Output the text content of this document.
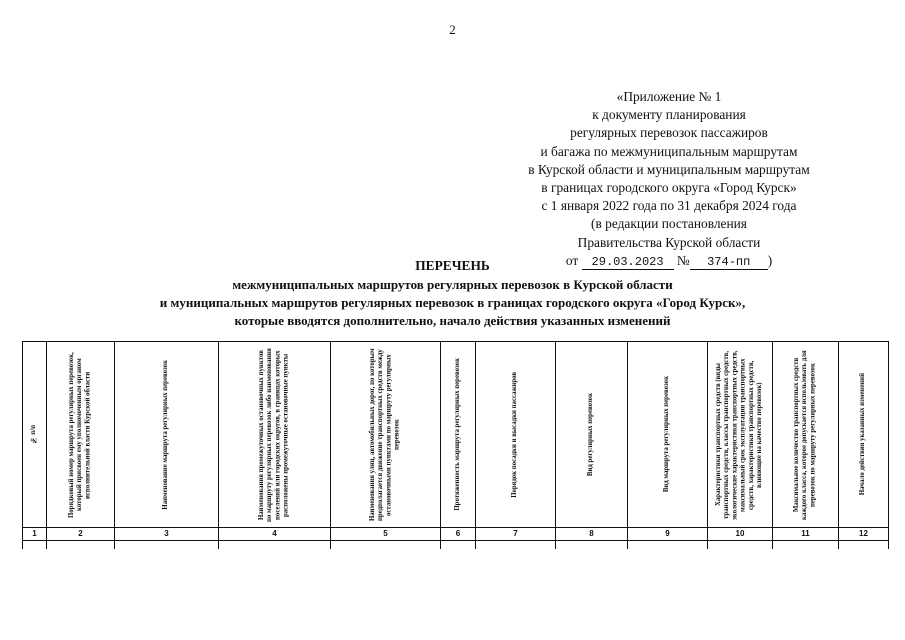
2
«Приложение № 1
к документу планирования
регулярных перевозок пассажиров
и багажа по межмуниципальным маршрутам
в Курской области и муниципальным маршрутам
в границах городского округа «Город Курск»
с 1 января 2022 года по 31 декабря 2024 года
(в редакции постановления
Правительства Курской области
от 29.03.2023 № 374-пп )
ПЕРЕЧЕНЬ
межмуниципальных маршрутов регулярных перевозок в Курской области
и муниципальных маршрутов регулярных перевозок в границах городского округа «Город Курск»,
которые вводятся дополнительно, начало действия указанных изменений
№ п/п	Порядковый номер маршрута регулярных перевозок, который присвоен ему уполномоченным органом исполнительной власти Курской области	Наименование маршрута регулярных перевозок	Наименования промежуточных остановочных пунктов по маршруту регулярных перевозок либо наименования поселений или городских округов, в границах которых расположены промежуточные остановочные пункты	Наименования улиц, автомобильных дорог, по которым предполагается движение транспортных средств между остановочными пунктами по маршруту регулярных перевозок	Протяженность маршрута регулярных перевозок	Порядок посадки и высадки пассажиров	Вид регулярных перевозок	Вид маршрута регулярных перевозок	Характеристики транспортных средств (виды транспортных средств, классы транспортных средств, экологические характеристики транспортных средств, максимальный срок эксплуатации транспортных средств, характеристики транспортных средств, влияющие на качество перевозок)	Максимальное количество транспортных средств каждого класса, которое допускается использовать для перевозок по маршруту регулярных перевозок	Начало действия указанных изменений

1	2	3	4	5	6	7	8	9	10	11	12
